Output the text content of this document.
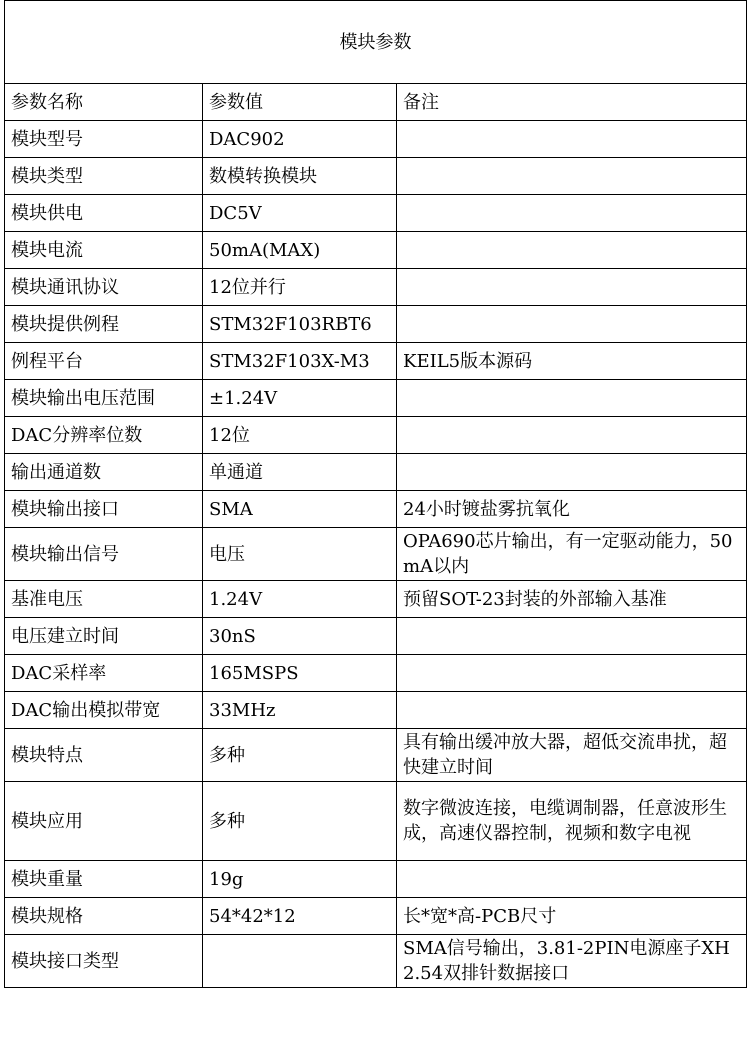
模块参数		
参数名称	参数值	备注
模块型号	DAC902	
模块类型	数模转换模块	
模块供电	DC5V	
模块电流	50mA(MAX)	
模块通讯协议	12位并行	
模块提供例程	STM32F103RBT6	
例程平台	STM32F103X-M3	KEIL5版本源码
模块输出电压范围	±1.24V	
DAC分辨率位数	12位	
输出通道数	单通道	
模块输出接口	SMA	24小时镀盐雾抗氧化
模块输出信号	电压	OPA690芯片输出，有一定驱动能力，50mA以内
基准电压	1.24V	预留SOT-23封装的外部输入基准
电压建立时间	30nS	
DAC采样率	165MSPS	
DAC输出模拟带宽	33MHz	
模块特点	多种	具有输出缓冲放大器，超低交流串扰，超快建立时间
模块应用	多种	数字微波连接，电缆调制器，任意波形生成，高速仪器控制，视频和数字电视
模块重量	19g	
模块规格	54*42*12	长*宽*高-PCB尺寸
模块接口类型		SMA信号输出，3.81-2PIN电源座子XH2.54双排针数据接口
